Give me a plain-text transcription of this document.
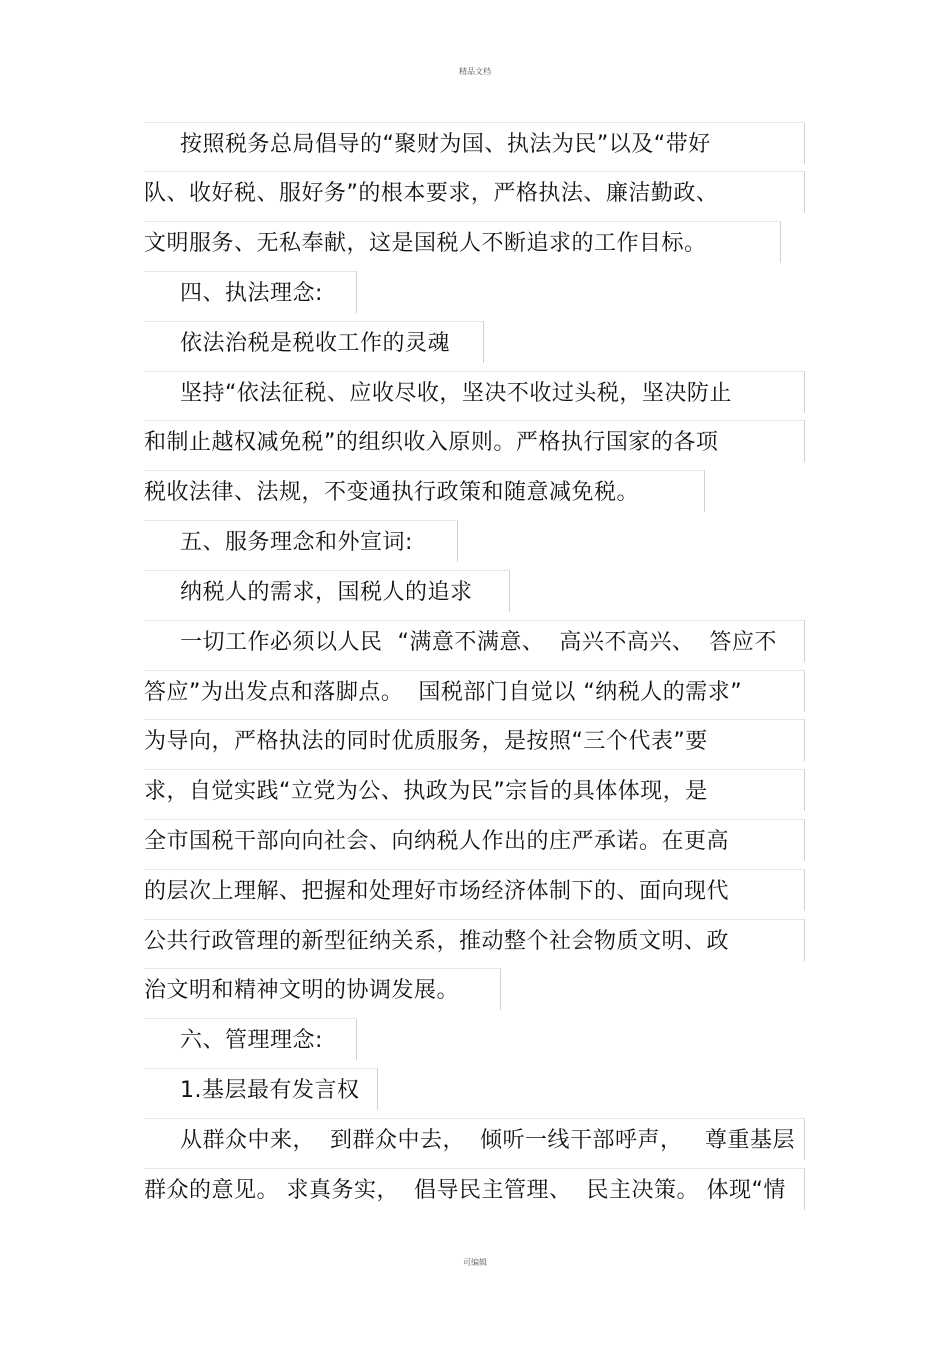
精品文档
按照税务总局倡导的“聚财为国、执法为民”以及“带好
队、收好税、服好务”的根本要求，严格执法、廉洁勤政、
文明服务、无私奉献，这是国税人不断追求的工作目标。
四、执法理念:
依法治税是税收工作的灵魂
坚持“依法征税、应收尽收，坚决不收过头税，坚决防止
和制止越权减免税”的组织收入原则。严格执行国家的各项
税收法律、法规，不变通执行政策和随意减免税。
五、服务理念和外宣词:
纳税人的需求，国税人的追求
一切工作必须以人民  “满意不满意、  高兴不高兴、  答应不
答应”为出发点和落脚点。  国税部门自觉以 “纳税人的需求”
为导向，严格执法的同时优质服务，是按照“三个代表”要
求，自觉实践“立党为公、执政为民”宗旨的具体体现，是
全市国税干部向向社会、向纳税人作出的庄严承诺。在更高
的层次上理解、把握和处理好市场经济体制下的、面向现代
公共行政管理的新型征纳关系，推动整个社会物质文明、政
治文明和精神文明的协调发展。
六、管理理念:
1.基层最有发言权
从群众中来，  到群众中去，  倾听一线干部呼声，   尊重基层
群众的意见。 求真务实，  倡导民主管理、  民主决策。 体现“情
可编辑
